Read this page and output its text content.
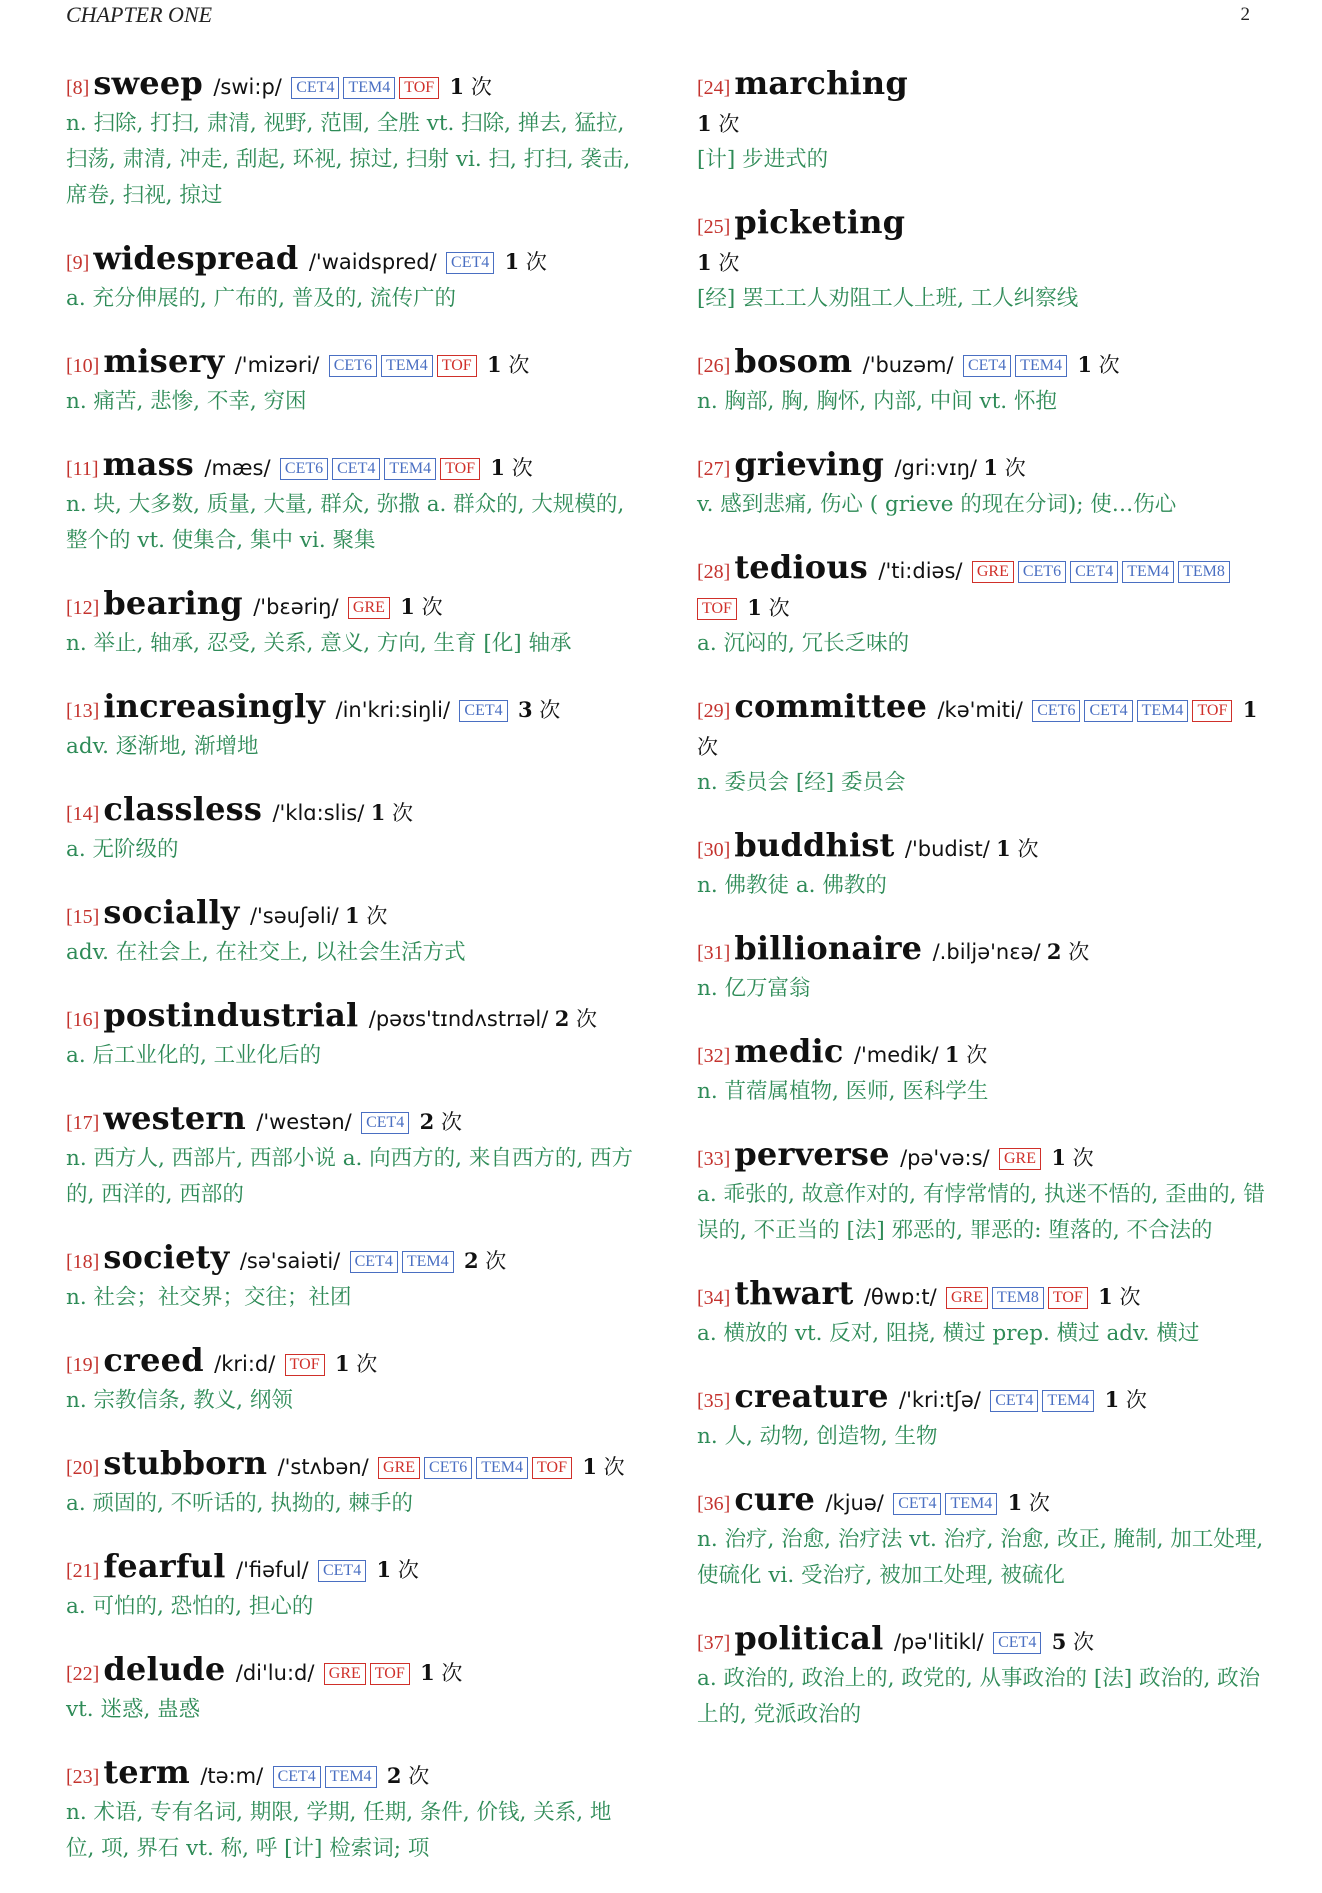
CHAPTER ONE	2
[8] sweep /swi:p/ CET4 TEM4 TOF 1 次
n. 扫除, 打扫, 肃清, 视野, 范围, 全胜 vt. 扫除, 掸去, 猛拉, 扫荡, 肃清, 冲走, 刮起, 环视, 掠过, 扫射 vi. 扫, 打扫, 袭击, 席卷, 扫视, 掠过
[9] widespread /'waidspred/ CET4 1 次
a. 充分伸展的, 广布的, 普及的, 流传广的
[10] misery /'mizəri/ CET6 TEM4 TOF 1 次
n. 痛苦, 悲惨, 不幸, 穷困
[11] mass /mæs/ CET6 CET4 TEM4 TOF 1 次
n. 块, 大多数, 质量, 大量, 群众, 弥撒 a. 群众的, 大规模的, 整个的 vt. 使集合, 集中 vi. 聚集
[12] bearing /'bɛəriŋ/ GRE 1 次
n. 举止, 轴承, 忍受, 关系, 意义, 方向, 生育 [化] 轴承
[13] increasingly /in'kri:siŋli/ CET4 3 次
adv. 逐渐地, 渐增地
[14] classless /'klɑ:slis/ 1 次
a. 无阶级的
[15] socially /'səuʃəli/ 1 次
adv. 在社会上, 在社交上, 以社会生活方式
[16] postindustrial /pəʊs'tɪndʌstrɪəl/ 2 次
a. 后工业化的, 工业化后的
[17] western /'westən/ CET4 2 次
n. 西方人, 西部片, 西部小说 a. 向西方的, 来自西方的, 西方的, 西洋的, 西部的
[18] society /sə'saiəti/ CET4 TEM4 2 次
n. 社会；社交界；交往；社团
[19] creed /kri:d/ TOF 1 次
n. 宗教信条, 教义, 纲领
[20] stubborn /'stʌbən/ GRE CET6 TEM4 TOF 1 次
a. 顽固的, 不听话的, 执拗的, 棘手的
[21] fearful /'fiəful/ CET4 1 次
a. 可怕的, 恐怕的, 担心的
[22] delude /di'lu:d/ GRE TOF 1 次
vt. 迷惑, 蛊惑
[23] term /tə:m/ CET4 TEM4 2 次
n. 术语, 专有名词, 期限, 学期, 任期, 条件, 价钱, 关系, 地位, 项, 界石 vt. 称, 呼 [计] 检索词; 项
[24] marching
1 次
[计] 步进式的
[25] picketing
1 次
[经] 罢工工人劝阻工人上班, 工人纠察线
[26] bosom /'buzəm/ CET4 TEM4 1 次
n. 胸部, 胸, 胸怀, 内部, 中间 vt. 怀抱
[27] grieving /gri:vɪŋ/ 1 次
v. 感到悲痛, 伤心 ( grieve 的现在分词); 使…伤心
[28] tedious /'ti:diəs/ GRE CET6 CET4 TEM4 TEM8TOF 1 次
a. 沉闷的, 冗长乏味的
[29] committee /kə'miti/ CET6 CET4 TEM4 TOF 1 次
n. 委员会 [经] 委员会
[30] buddhist /'budist/ 1 次
n. 佛教徒 a. 佛教的
[31] billionaire /.biljə'nɛə/ 2 次
n. 亿万富翁
[32] medic /'medik/ 1 次
n. 苜蓿属植物, 医师, 医科学生
[33] perverse /pə'və:s/ GRE 1 次
a. 乖张的, 故意作对的, 有悖常情的, 执迷不悟的, 歪曲的, 错误的, 不正当的 [法] 邪恶的, 罪恶的: 堕落的, 不合法的
[34] thwart /θwɒ:t/ GRE TEM8 TOF 1 次
a. 横放的 vt. 反对, 阻挠, 横过 prep. 横过 adv. 横过
[35] creature /'kri:tʃə/ CET4 TEM4 1 次
n. 人, 动物, 创造物, 生物
[36] cure /kjuə/ CET4 TEM4 1 次
n. 治疗, 治愈, 治疗法 vt. 治疗, 治愈, 改正, 腌制, 加工处理, 使硫化 vi. 受治疗, 被加工处理, 被硫化
[37] political /pə'litikl/ CET4 5 次
a. 政治的, 政治上的, 政党的, 从事政治的 [法] 政治的, 政治上的, 党派政治的
